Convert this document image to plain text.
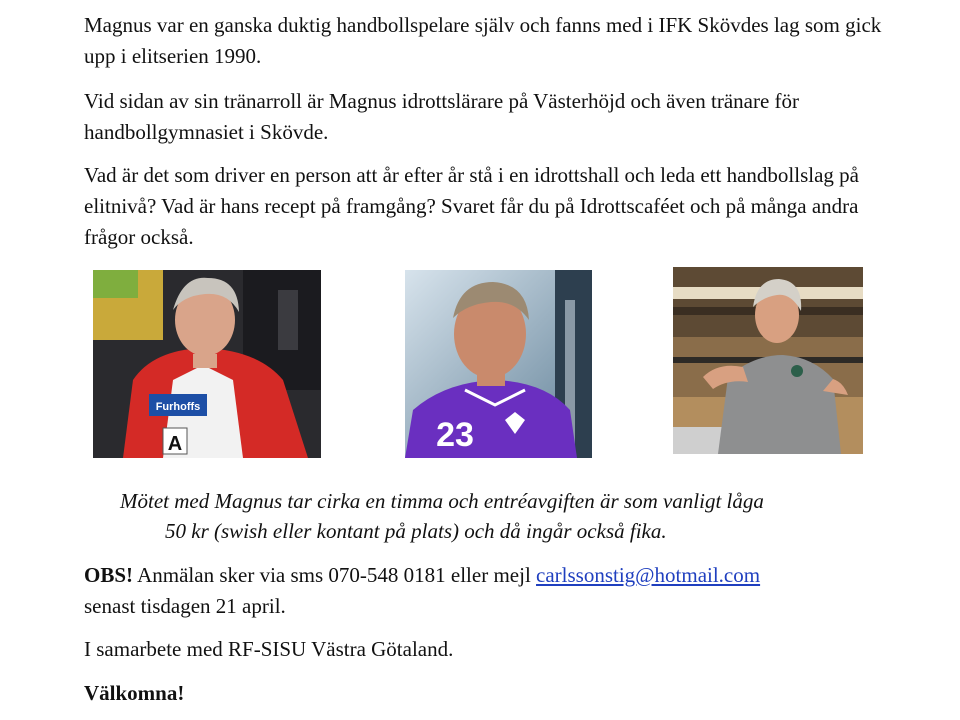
Magnus var en ganska duktig handbollspelare själv och fanns med i IFK Skövdes lag som gick upp i elitserien 1990.

Vid sidan av sin tränarroll är Magnus idrottslärare på Västerhöjd och även tränare för handbollgymnasiet i Skövde.

Vad är det som driver en person att år efter år stå i en idrottshall och leda ett handbollslag på elitnivå? Vad är hans recept på framgång? Svaret får du på Idrottscaféet och på många andra frågor också.

Furhoffs
A	23

Mötet med Magnus tar cirka en timma och entréavgiften är som vanligt låga

50 kr (swish eller kontant på plats) och då ingår också fika.

OBS! Anmälan sker via sms 070-548 0181 eller mejl carlssonstig@hotmail.com
senast tisdagen 21 april.

I samarbete med RF-SISU Västra Götaland.

Välkomna!
